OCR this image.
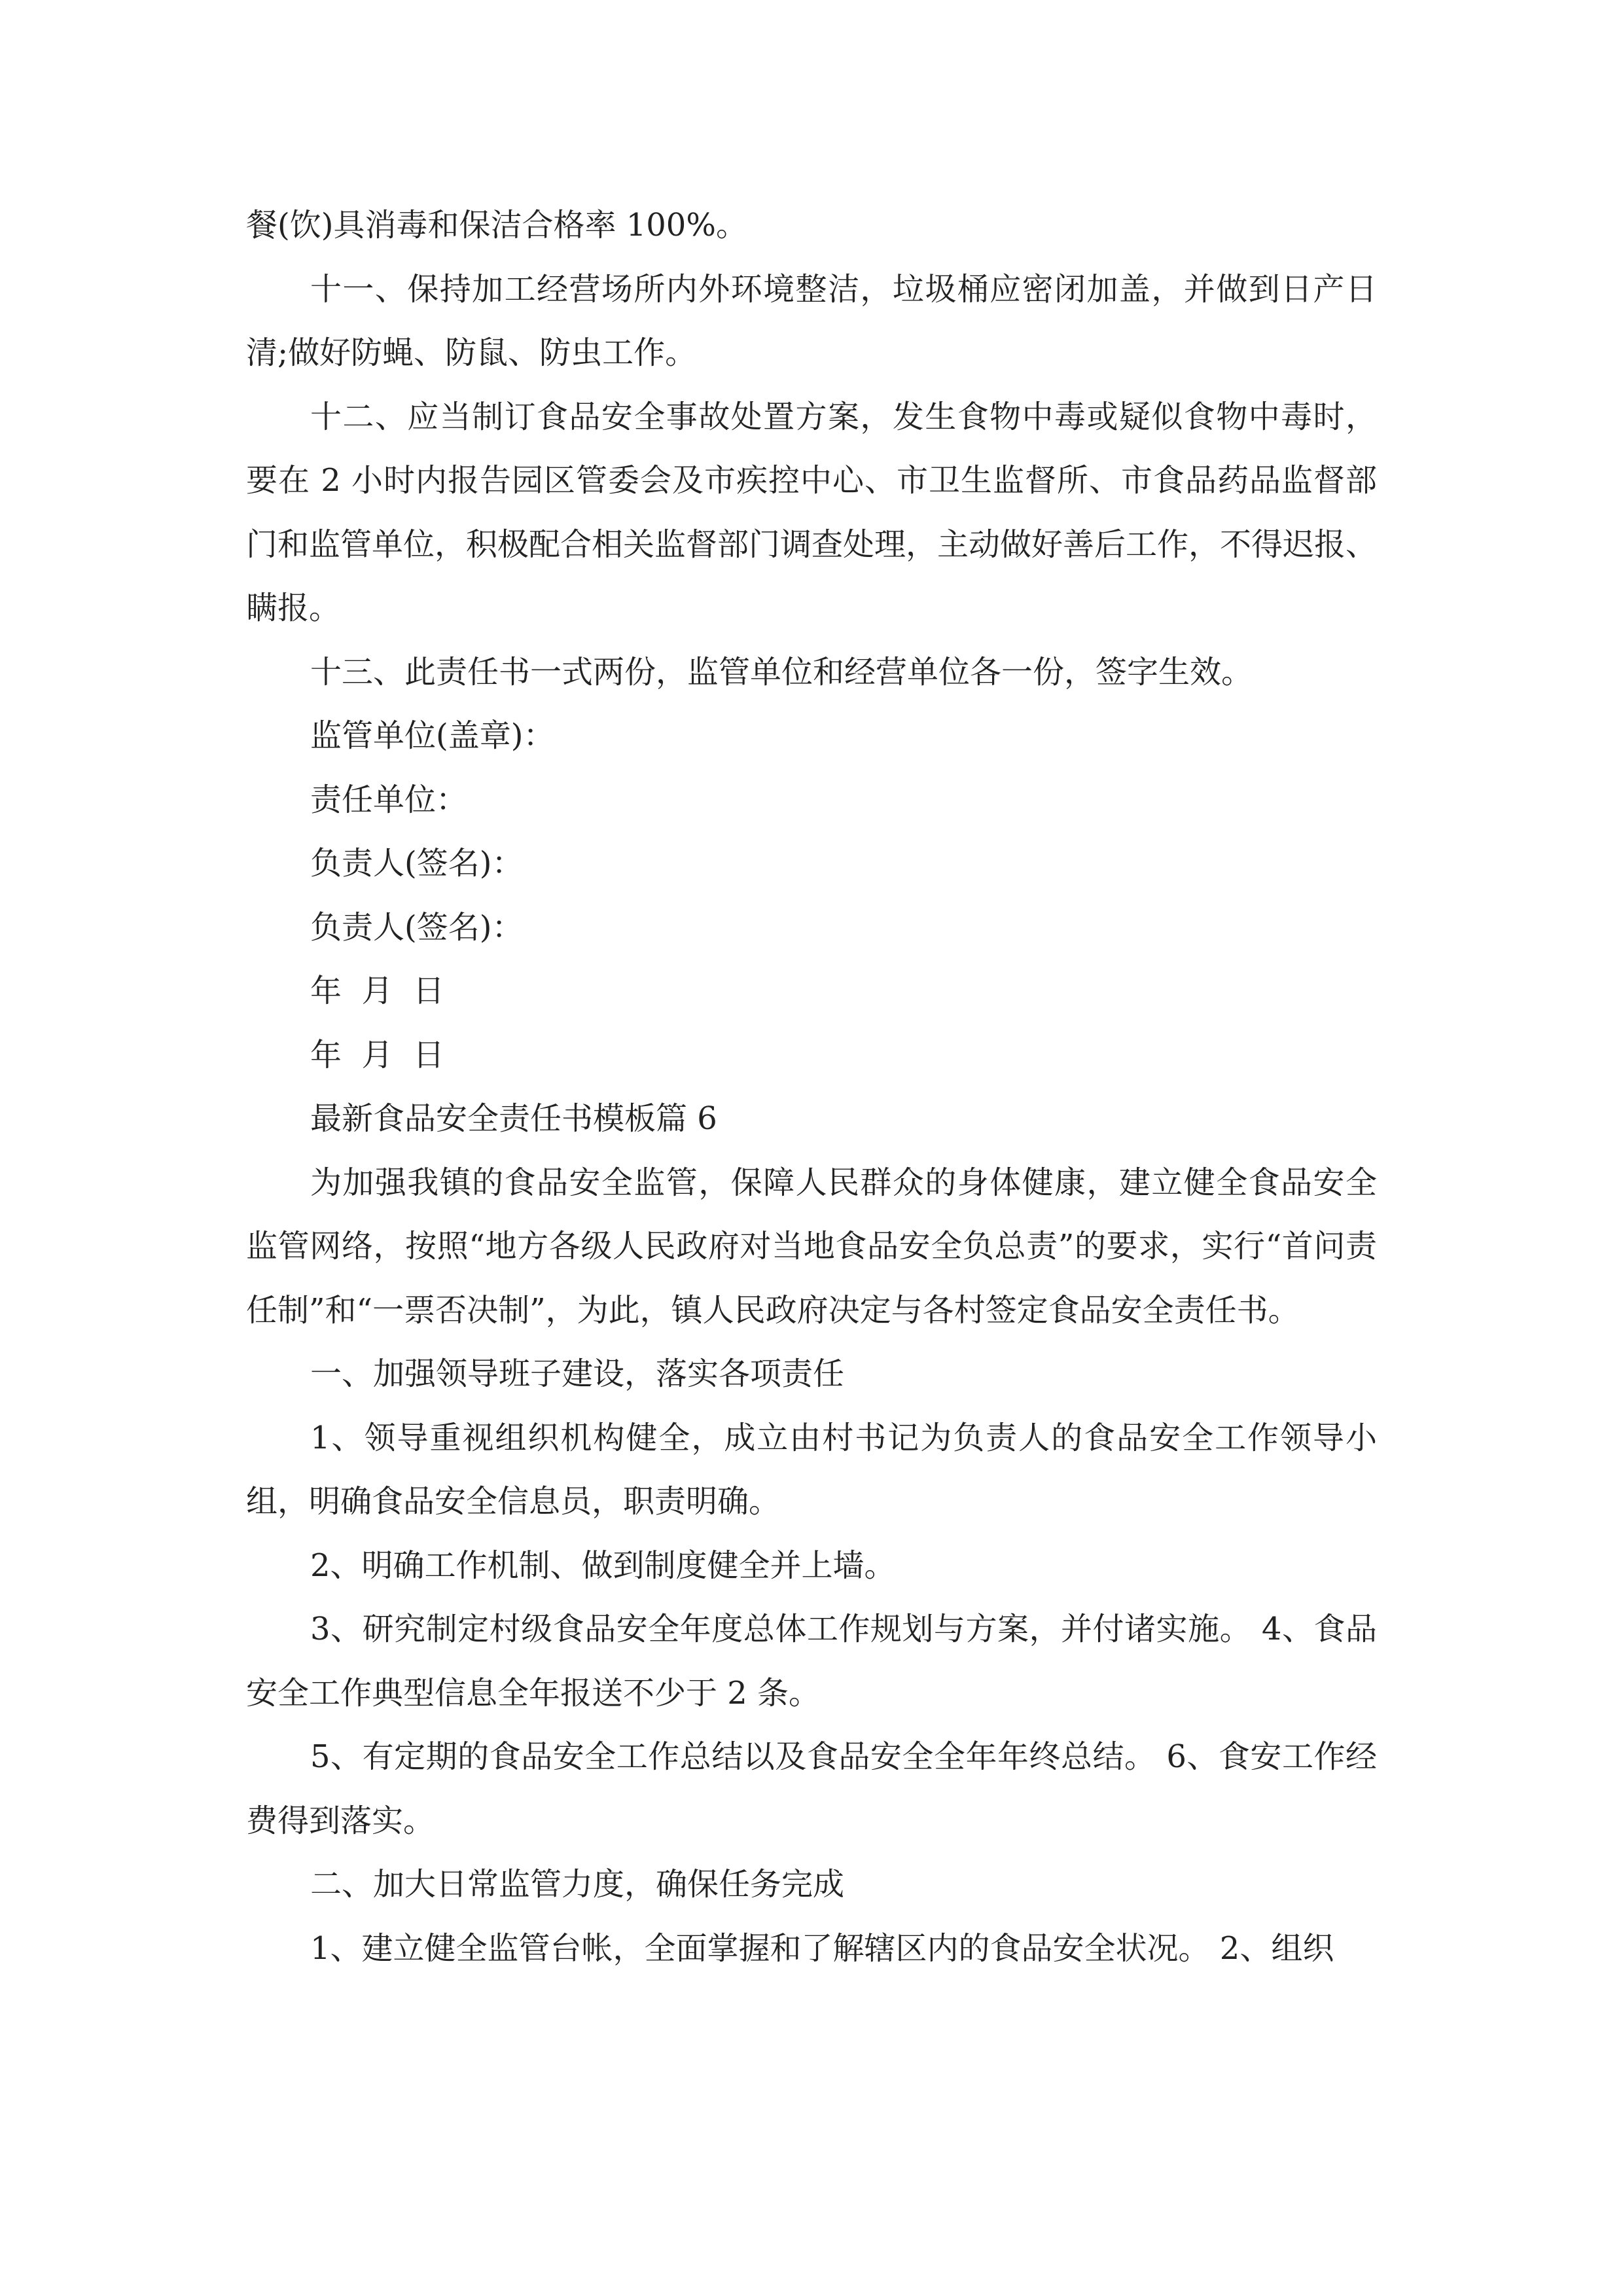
餐(饮)具消毒和保洁合格率 100%。

十一、保持加工经营场所内外环境整洁，垃圾桶应密闭加盖，并做到日产日清;做好防蝇、防鼠、防虫工作。

十二、应当制订食品安全事故处置方案，发生食物中毒或疑似食物中毒时，要在 2 小时内报告园区管委会及市疾控中心、市卫生监督所、市食品药品监督部门和监管单位，积极配合相关监督部门调查处理，主动做好善后工作，不得迟报、瞒报。

十三、此责任书一式两份，监管单位和经营单位各一份，签字生效。

监管单位(盖章)：

责任单位：

负责人(签名)：

负责人(签名)：

年  月  日

年  月  日

最新食品安全责任书模板篇 6

为加强我镇的食品安全监管，保障人民群众的身体健康，建立健全食品安全监管网络，按照“地方各级人民政府对当地食品安全负总责”的要求，实行“首问责任制”和“一票否决制”，为此，镇人民政府决定与各村签定食品安全责任书。

一、加强领导班子建设，落实各项责任

1、领导重视组织机构健全，成立由村书记为负责人的食品安全工作领导小组，明确食品安全信息员，职责明确。

2、明确工作机制、做到制度健全并上墙。

3、研究制定村级食品安全年度总体工作规划与方案，并付诸实施。 4、食品安全工作典型信息全年报送不少于 2 条。

5、有定期的食品安全工作总结以及食品安全全年年终总结。 6、食安工作经费得到落实。

二、加大日常监管力度，确保任务完成

1、建立健全监管台帐，全面掌握和了解辖区内的食品安全状况。 2、组织
